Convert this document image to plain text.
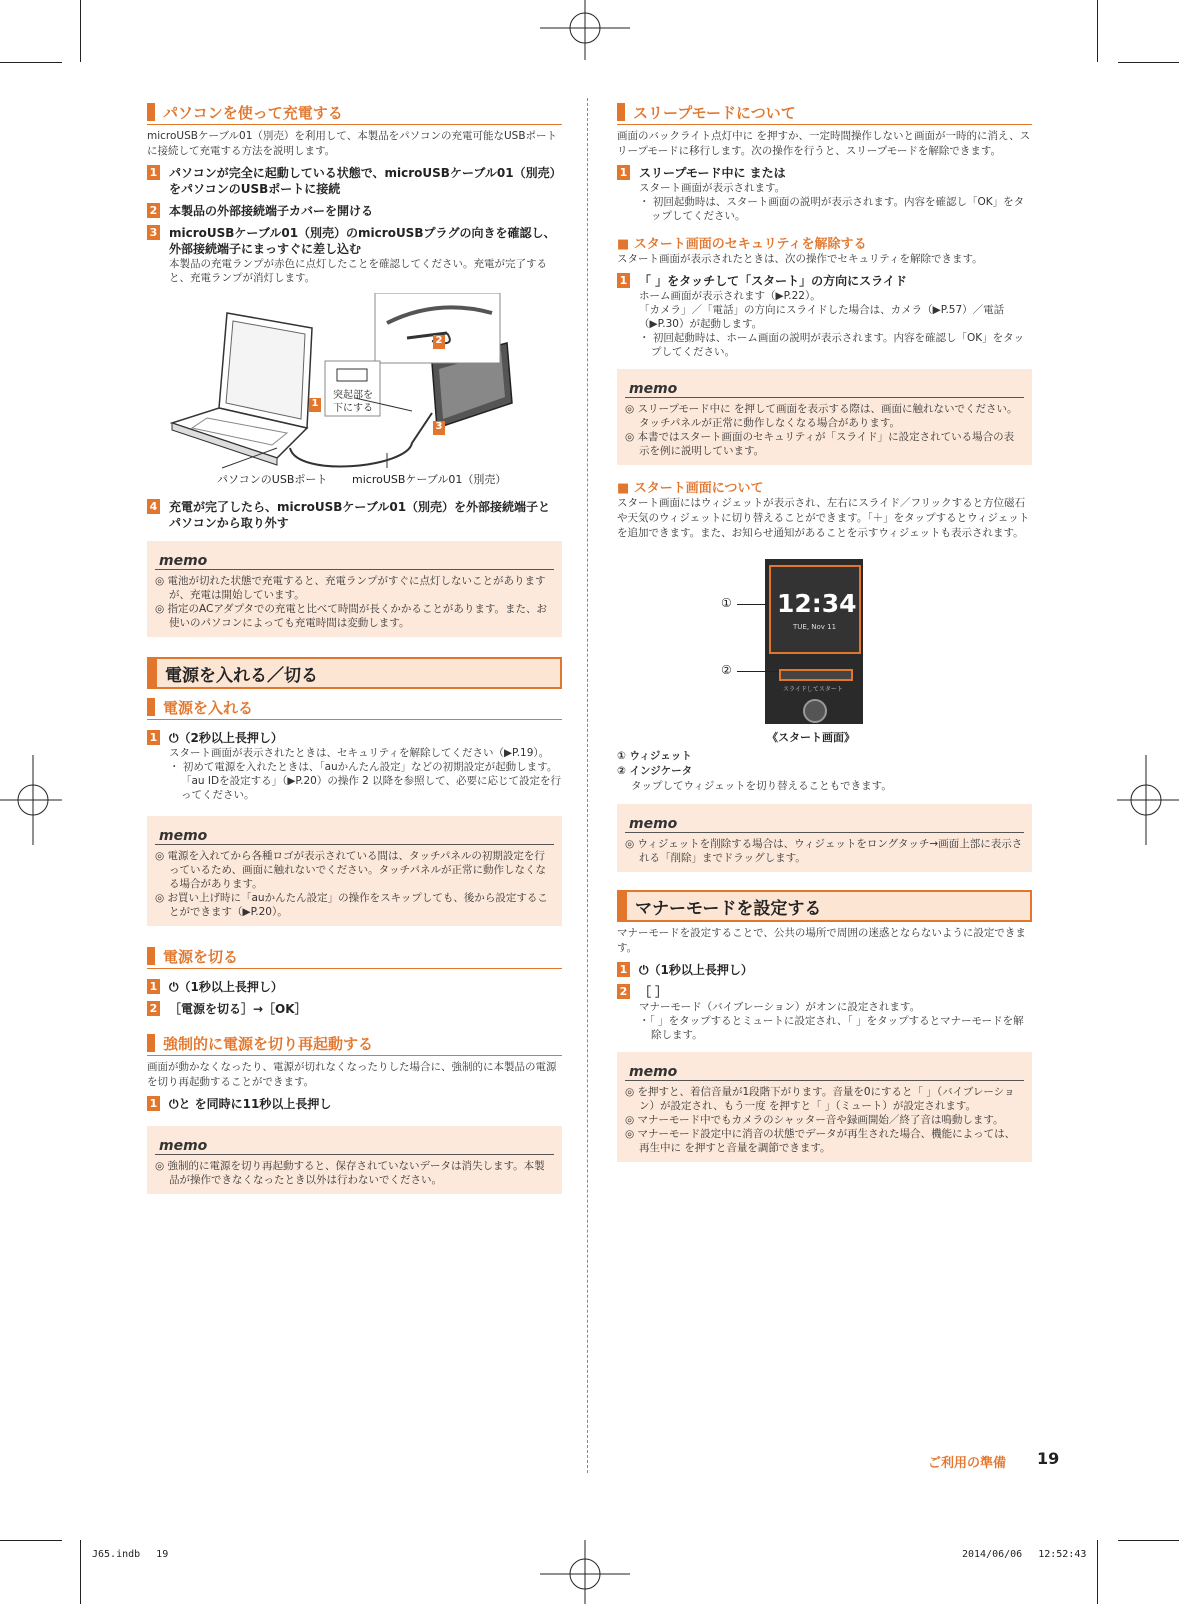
パソコンを使って充電する
microUSBケーブル01（別売）を利用して、本製品をパソコンの充電可能なUSBポートに接続して充電する方法を説明します。
1 パソコンが完全に起動している状態で、microUSBケーブル01（別売）をパソコンのUSBポートに接続
2 本製品の外部接続端子カバーを開ける
3 microUSBケーブル01（別売）のmicroUSBプラグの向きを確認し、外部接続端子にまっすぐに差し込む
本製品の充電ランプが赤色に点灯したことを確認してください。充電が完了すると、充電ランプが消灯します。
1
2
3
突起部を下にする
パソコンのUSBポート microUSBケーブル01（別売）
4 充電が完了したら、microUSBケーブル01（別売）を外部接続端子とパソコンから取り外す
memo
◎ 電池が切れた状態で充電すると、充電ランプがすぐに点灯しないことがありますが、充電は開始しています。
◎ 指定のACアダプタでの充電と比べて時間が長くかかることがあります。また、お使いのパソコンによっても充電時間は変動します。
電源を入れる／切る
電源を入れる
1 ⏻（2秒以上長押し）
スタート画面が表示されたときは、セキュリティを解除してください（▶P.19）。
・ 初めて電源を入れたときは、「auかんたん設定」などの初期設定が起動します。「au IDを設定する」（▶P.20）の操作 2 以降を参照して、必要に応じて設定を行ってください。
memo
◎ 電源を入れてから各種ロゴが表示されている間は、タッチパネルの初期設定を行っているため、画面に触れないでください。タッチパネルが正常に動作しなくなる場合があります。
◎ お買い上げ時に「auかんたん設定」の操作をスキップしても、後から設定することができます（▶P.20）。
電源を切る
1 ⏻（1秒以上長押し）
2 ［電源を切る］→［OK］
強制的に電源を切り再起動する
画面が動かなくなったり、電源が切れなくなったりした場合に、強制的に本製品の電源を切り再起動することができます。
1 ⏻と を同時に11秒以上長押し
memo
◎ 強制的に電源を切り再起動すると、保存されていないデータは消失します。本製品が操作できなくなったとき以外は行わないでください。
スリープモードについて
画面のバックライト点灯中に を押すか、一定時間操作しないと画面が一時的に消え、スリープモードに移行します。次の操作を行うと、スリープモードを解除できます。
1 スリープモード中に または
スタート画面が表示されます。
・ 初回起動時は、スタート画面の説明が表示されます。内容を確認し「OK」をタップしてください。
■ スタート画面のセキュリティを解除する
スタート画面が表示されたときは、次の操作でセキュリティを解除できます。
1 「 」をタッチして「スタート」の方向にスライド
ホーム画面が表示されます（▶P.22）。
「カメラ」／「電話」の方向にスライドした場合は、カメラ（▶P.57）／電話（▶P.30）が起動します。
・ 初回起動時は、ホーム画面の説明が表示されます。内容を確認し「OK」をタップしてください。
memo
◎ スリープモード中に を押して画面を表示する際は、画面に触れないでください。タッチパネルが正常に動作しなくなる場合があります。
◎ 本書ではスタート画面のセキュリティが「スライド」に設定されている場合の表示を例に説明しています。
■ スタート画面について
スタート画面にはウィジェットが表示され、左右にスライド／フリックすると方位磁石や天気のウィジェットに切り替えることができます。「＋」をタップするとウィジェットを追加できます。また、お知らせ通知があることを示すウィジェットも表示されます。
12:34
TUE, Nov 11
スライドしてスタート
①
②
《スタート画面》
① ウィジェット
② インジケータ
タップしてウィジェットを切り替えることもできます。
memo
◎ ウィジェットを削除する場合は、ウィジェットをロングタッチ→画面上部に表示される「削除」までドラッグします。
マナーモードを設定する
マナーモードを設定することで、公共の場所で周囲の迷惑とならないように設定できます。
1 ⏻（1秒以上長押し）
2 ［ ］
マナーモード（バイブレーション）がオンに設定されます。
・「 」をタップするとミュートに設定され、「 」をタップするとマナーモードを解除します。
memo
◎ を押すと、着信音量が1段階下がります。音量を0にすると「 」（バイブレーション）が設定され、もう一度 を押すと「 」（ミュート）が設定されます。
◎ マナーモード中でもカメラのシャッター音や録画開始／終了音は鳴動します。
◎ マナーモード設定中に消音の状態でデータが再生された場合、機能によっては、再生中に を押すと音量を調節できます。
ご利用の準備 19
J65.indb　 19	2014/06/06　 12:52:43
